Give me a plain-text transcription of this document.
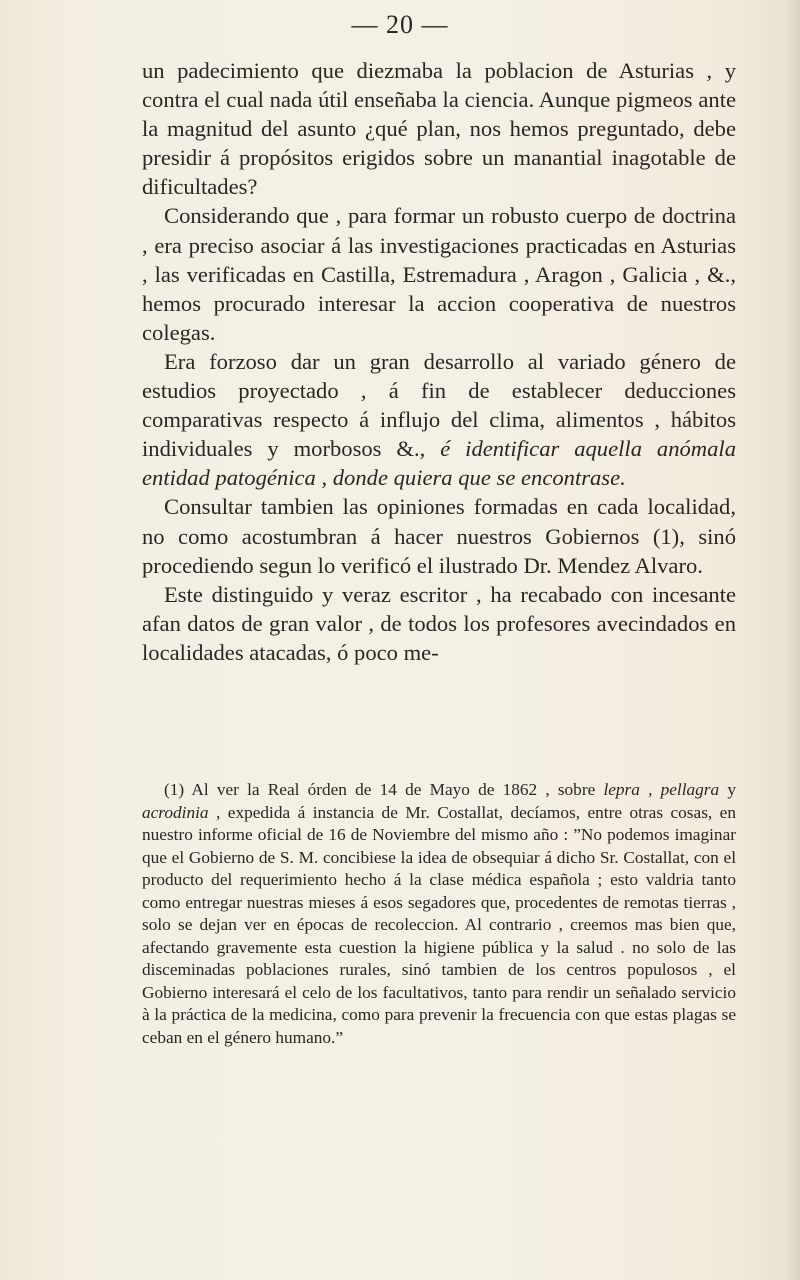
— 20 —

un padecimiento que diezmaba la poblacion de Asturias , y contra el cual nada útil enseñaba la ciencia. Aunque pigmeos ante la magnitud del asunto ¿qué plan, nos hemos preguntado, debe presidir á propósitos erigidos sobre un manantial inagotable de dificultades?

Considerando que , para formar un robusto cuerpo de doctrina , era preciso asociar á las investigaciones practicadas en Asturias , las verificadas en Castilla, Estremadura , Aragon , Galicia , &., hemos procurado interesar la accion cooperativa de nuestros colegas.

Era forzoso dar un gran desarrollo al variado género de estudios proyectado , á fin de establecer deducciones comparativas respecto á influjo del clima, alimentos , hábitos individuales y morbosos &., é identificar aquella anómala entidad patogénica , donde quiera que se encontrase.

Consultar tambien las opiniones formadas en cada localidad, no como acostumbran á hacer nuestros Gobiernos (1), sinó procediendo segun lo verificó el ilustrado Dr. Mendez Alvaro.

Este distinguido y veraz escritor , ha recabado con incesante afan datos de gran valor , de todos los profesores avecindados en localidades atacadas, ó poco me-

(1) Al ver la Real órden de 14 de Mayo de 1862 , sobre lepra , pellagra y acrodinia , expedida á instancia de Mr. Costallat, decíamos, entre otras cosas, en nuestro informe oficial de 16 de Noviembre del mismo año : ”No podemos imaginar que el Gobierno de S. M. concibiese la idea de obsequiar á dicho Sr. Costallat, con el producto del requerimiento hecho á la clase médica española ; esto valdria tanto como entregar nuestras mieses á esos segadores que, procedentes de remotas tierras , solo se dejan ver en épocas de recoleccion. Al contrario , creemos mas bien que, afectando gravemente esta cuestion la higiene pública y la salud . no solo de las disceminadas poblaciones rurales, sinó tambien de los centros populosos , el Gobierno interesará el celo de los facultativos, tanto para rendir un señalado servicio à la práctica de la medicina, como para prevenir la frecuencia con que estas plagas se ceban en el género humano.”
